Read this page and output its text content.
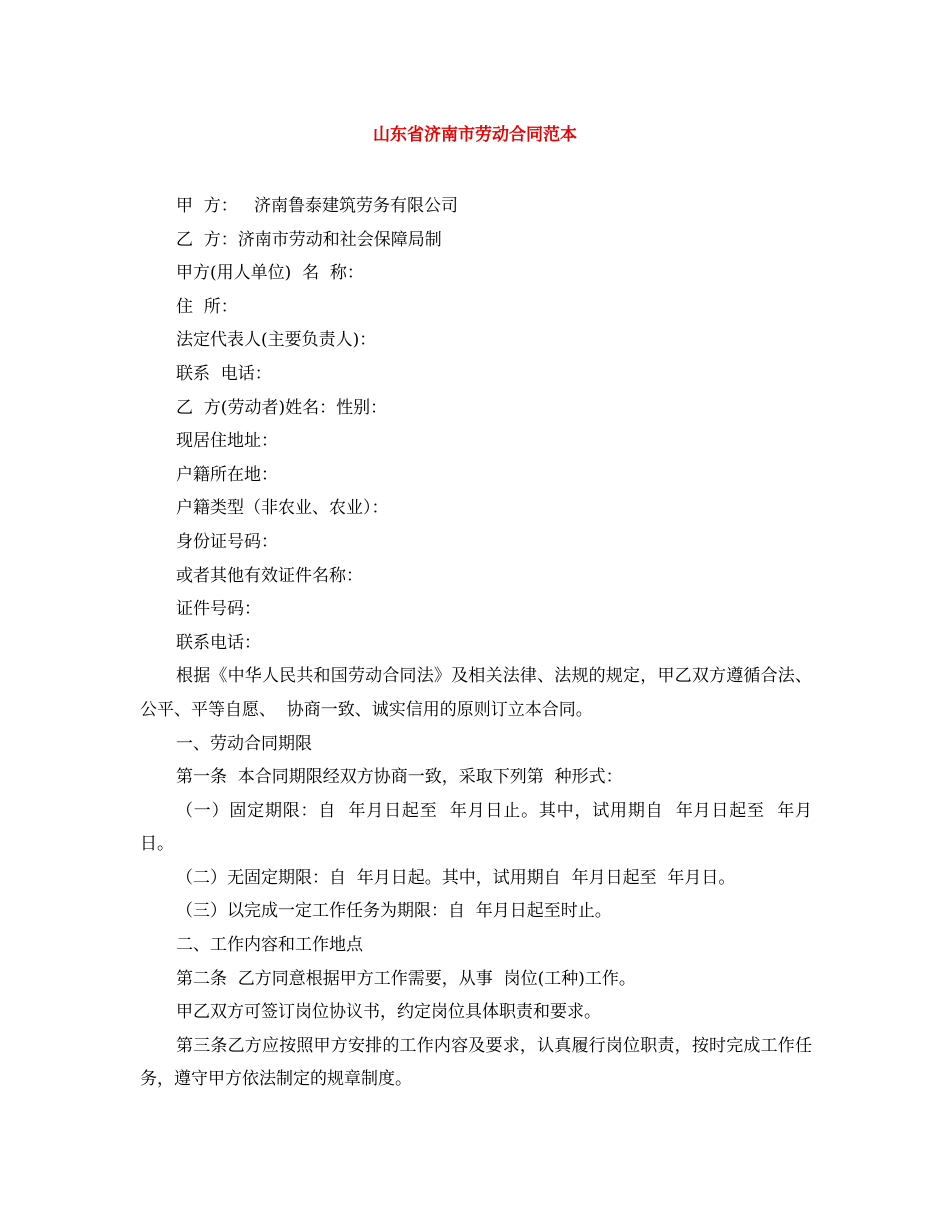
山东省济南市劳动合同范本

甲  方：   济南鲁泰建筑劳务有限公司

乙  方：济南市劳动和社会保障局制

甲方(用人单位)  名  称：

住  所：

法定代表人(主要负责人)：

联系  电话：

乙  方(劳动者)姓名：性别：

现居住地址：

户籍所在地：

户籍类型（非农业、农业）：

身份证号码：

或者其他有效证件名称：

证件号码：

联系电话：

根据《中华人民共和国劳动合同法》及相关法律、法规的规定，甲乙双方遵循合法、公平、平等自愿、  协商一致、诚实信用的原则订立本合同。

一、劳动合同期限

第一条  本合同期限经双方协商一致，采取下列第  种形式：

（一）固定期限：自  年月日起至  年月日止。其中，试用期自  年月日起至  年月日。

（二）无固定期限：自  年月日起。其中，试用期自  年月日起至  年月日。

（三）以完成一定工作任务为期限：自  年月日起至时止。

二、工作内容和工作地点

第二条  乙方同意根据甲方工作需要，从事  岗位(工种)工作。

甲乙双方可签订岗位协议书，约定岗位具体职责和要求。

第三条乙方应按照甲方安排的工作内容及要求，认真履行岗位职责，按时完成工作任务，遵守甲方依法制定的规章制度。
